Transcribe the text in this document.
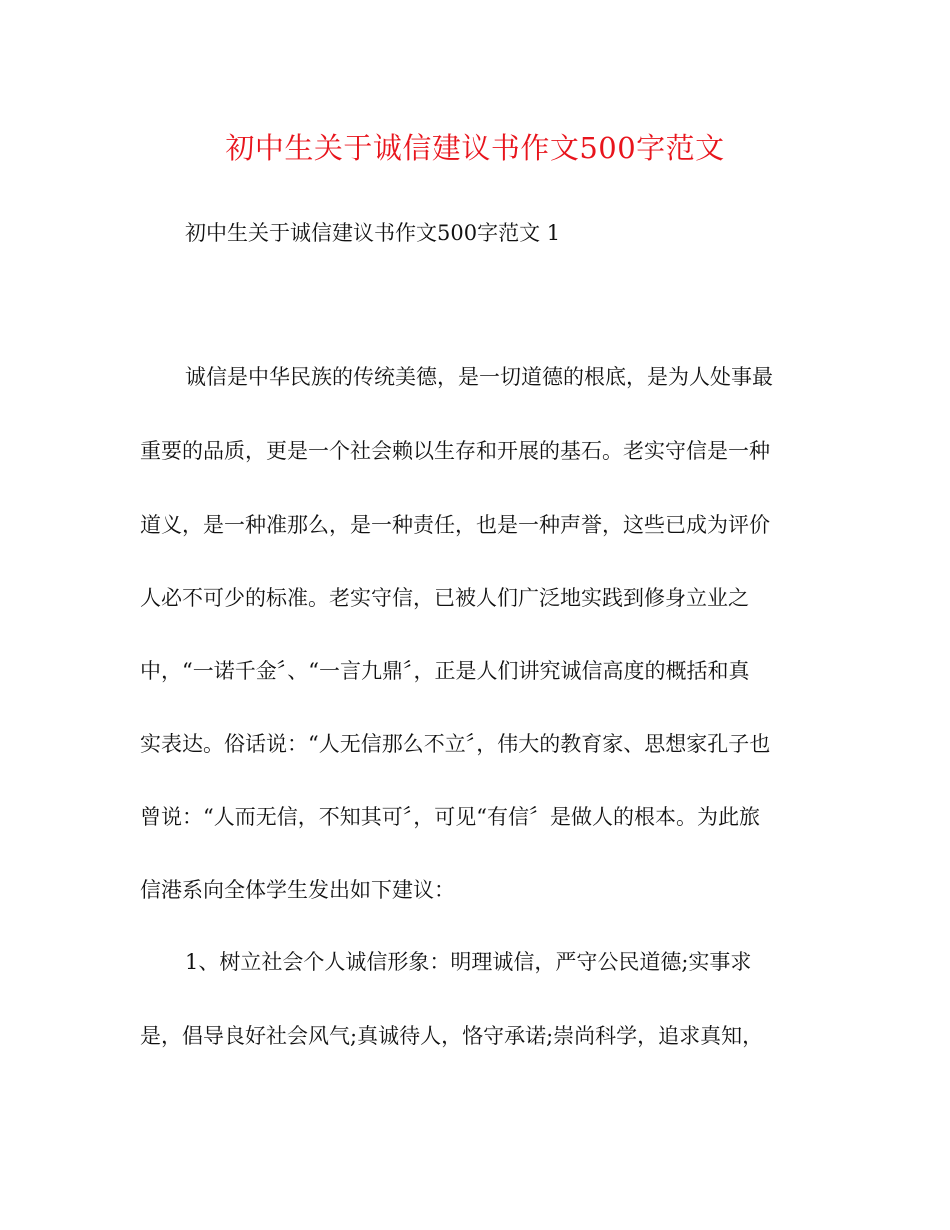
初中生关于诚信建议书作文500字范文
初中生关于诚信建议书作文500字范文 1
诚信是中华民族的传统美德，是一切道德的根底，是为人处事最
重要的品质，更是一个社会赖以生存和开展的基石。老实守信是一种
道义，是一种准那么，是一种责任，也是一种声誉，这些已成为评价
人必不可少的标准。老实守信，已被人们广泛地实践到修身立业之
中，“一诺千金〞、“一言九鼎〞，正是人们讲究诚信高度的概括和真
实表达。俗话说：“人无信那么不立〞，伟大的教育家、思想家孔子也
曾说：“人而无信，不知其可〞，可见“有信〞是做人的根本。为此旅
信港系向全体学生发出如下建议：
1、树立社会个人诚信形象：明理诚信，严守公民道德;实事求
是，倡导良好社会风气;真诚待人，恪守承诺;崇尚科学，追求真知，
